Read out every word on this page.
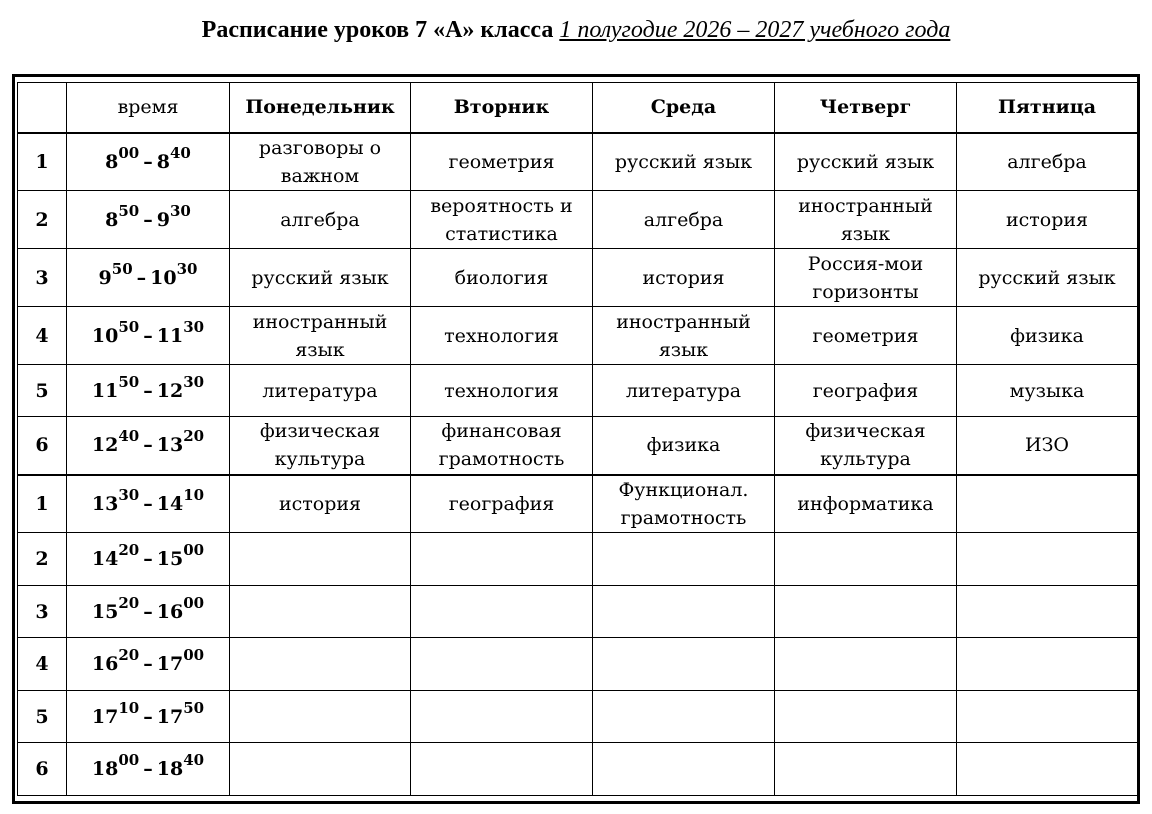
Расписание уроков 7 «А» класса 1 полугодие 2026 – 2027 учебного года
	время	Понедельник	Вторник	Среда	Четверг	Пятница
1	$8^{00} - 8^{40}$	разговоры о важном	геометрия	русский язык	русский язык	алгебра
2	$8^{50} - 9^{30}$	алгебра	вероятность и статистика	алгебра	иностранный язык	история
3	$9^{50} - 10^{30}$	русский язык	биология	история	Россия-мои горизонты	русский язык
4	$10^{50} - 11^{30}$	иностранный язык	технология	иностранный язык	геометрия	физика
5	$11^{50} - 12^{30}$	литература	технология	литература	география	музыка
6	$12^{40} - 13^{20}$	физическая культура	финансовая грамотность	физика	физическая культура	ИЗО
1	$13^{30} - 14^{10}$	история	география	Функционал. грамотность	информатика	
2	$14^{20} - 15^{00}$					
3	$15^{20} - 16^{00}$					
4	$16^{20} - 17^{00}$					
5	$17^{10} - 17^{50}$					
6	$18^{00} - 18^{40}$					
